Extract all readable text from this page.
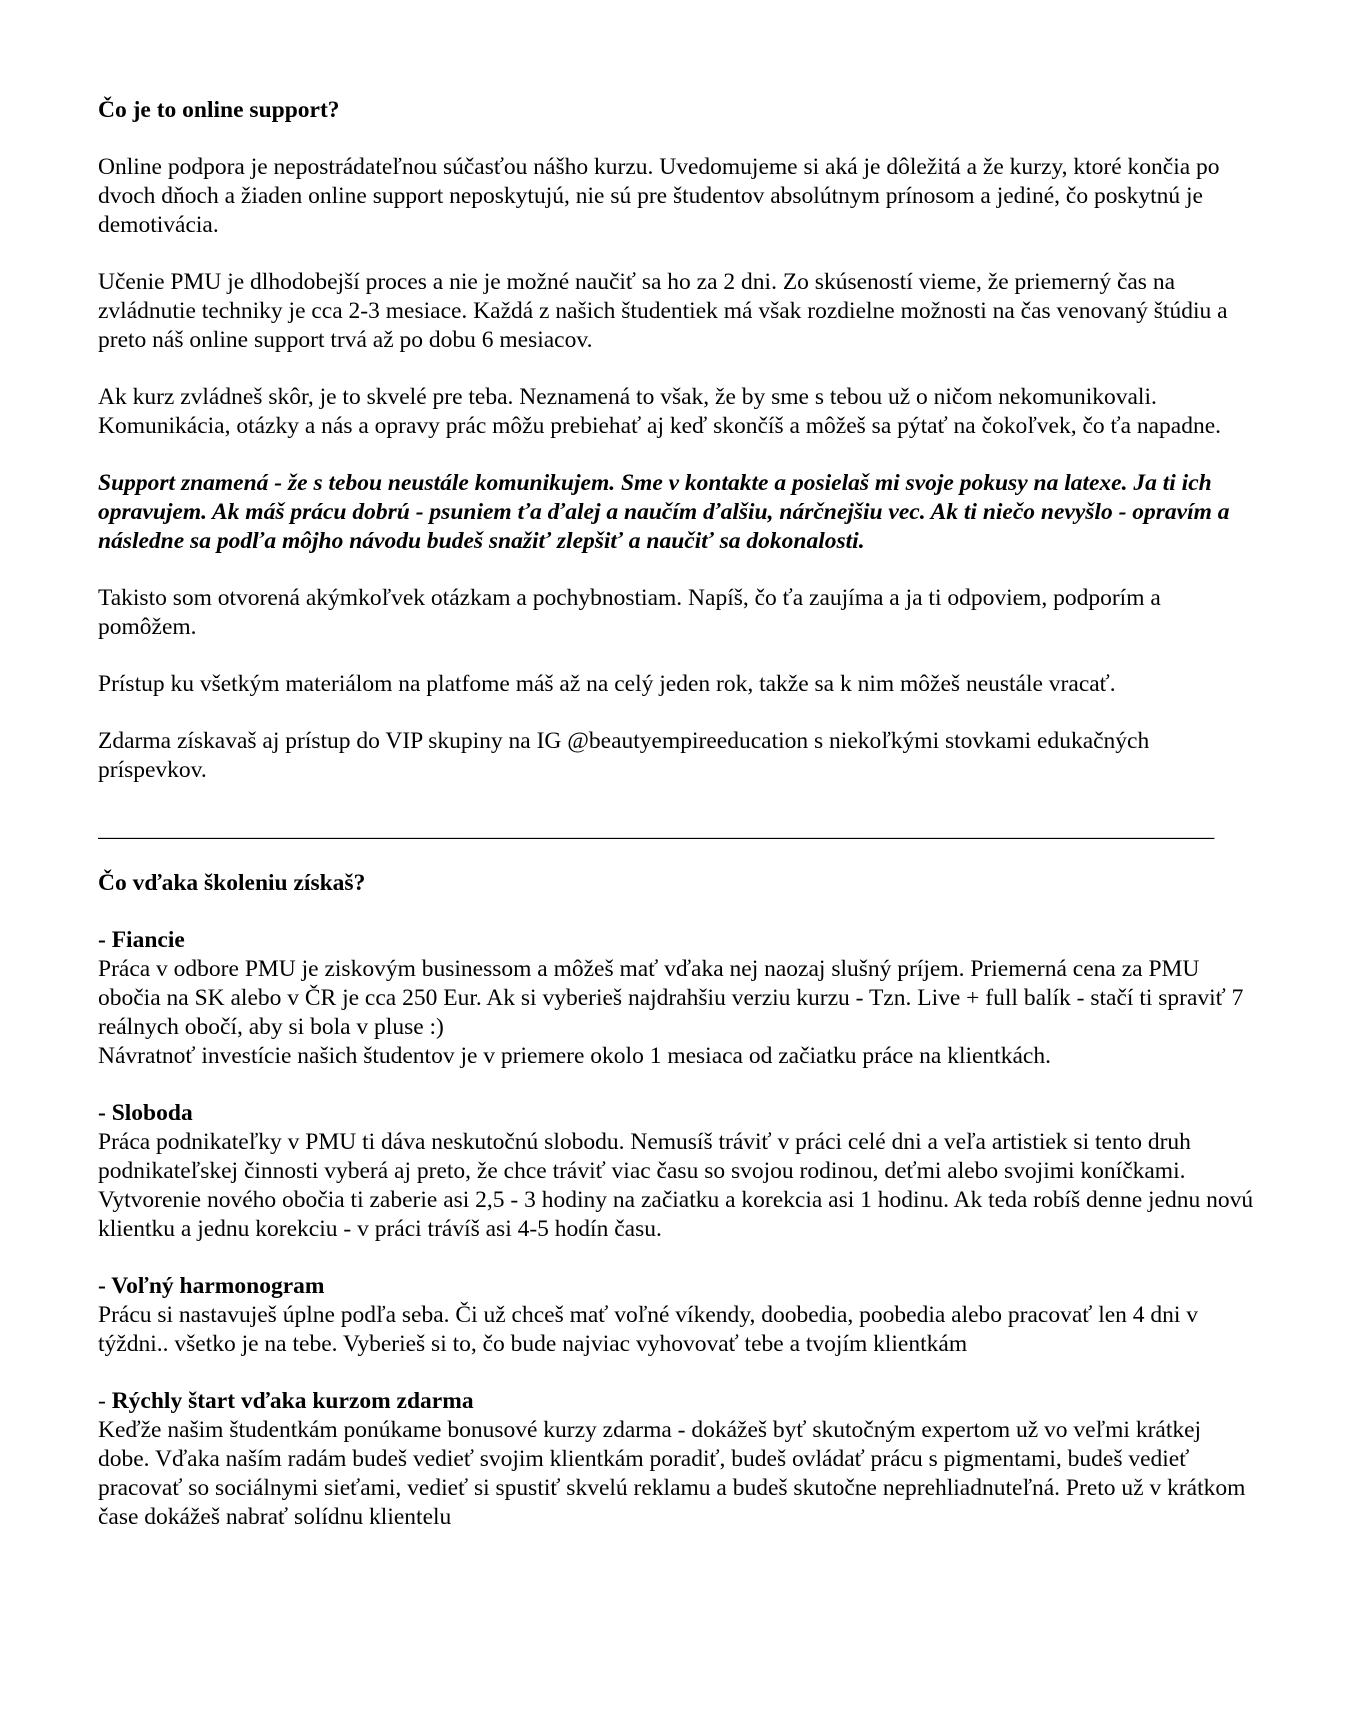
Čo je to online support?

Online podpora je nepostrádateľnou súčasťou nášho kurzu. Uvedomujeme si aká je dôležitá a že kurzy, ktoré končia po dvoch dňoch a žiaden online support neposkytujú, nie sú pre študentov absolútnym prínosom a jediné, čo poskytnú je demotivácia.

Učenie PMU je dlhodobejší proces a nie je možné naučiť sa ho za 2 dni. Zo skúseností vieme, že priemerný čas na zvládnutie techniky je cca 2-3 mesiace. Každá z našich študentiek má však rozdielne možnosti na čas venovaný štúdiu a preto náš online support trvá až po dobu 6 mesiacov.

Ak kurz zvládneš skôr, je to skvelé pre teba. Neznamená to však, že by sme s tebou už o ničom nekomunikovali. Komunikácia, otázky a nás a opravy prác môžu prebiehať aj keď skončíš a môžeš sa pýtať na čokoľvek, čo ťa napadne.

Support znamená - že s tebou neustále komunikujem. Sme v kontakte a posielaš mi svoje pokusy na latexe. Ja ti ich opravujem. Ak máš prácu dobrú - psuniem ťa ďalej a naučím ďalšiu, nárčnejšiu vec. Ak ti niečo nevyšlo - opravím a následne sa podľa môjho návodu budeš snažiť zlepšiť a naučiť sa dokonalosti.

Takisto som otvorená akýmkoľvek otázkam a pochybnostiam. Napíš, čo ťa zaujíma a ja ti odpoviem, podporím a pomôžem.

Prístup ku všetkým materiálom na platfome máš až na celý jeden rok, takže sa k nim môžeš neustále vracať.

Zdarma získavaš aj prístup do VIP skupiny na IG @beautyempireeducation s niekoľkými stovkami edukačných príspevkov.

_______________________________________________________________________________________________
Čo vďaka školeniu získaš?

- Fiancie

Práca v odbore PMU je ziskovým businessom a môžeš mať vďaka nej naozaj slušný príjem. Priemerná cena za PMU obočia na SK alebo v ČR je cca 250 Eur. Ak si vyberieš najdrahšiu verziu kurzu - Tzn. Live + full balík - stačí ti spraviť 7 reálnych obočí, aby si bola v pluse :)

Návratnoť investície našich študentov je v priemere okolo 1 mesiaca od začiatku práce na klientkách.

- Sloboda

Práca podnikateľky v PMU ti dáva neskutočnú slobodu. Nemusíš tráviť v práci celé dni a veľa artistiek si tento druh podnikateľskej činnosti vyberá aj preto, že chce tráviť viac času so svojou rodinou, deťmi alebo svojimi koníčkami. Vytvorenie nového obočia ti zaberie asi 2,5 - 3 hodiny na začiatku a korekcia asi 1 hodinu. Ak teda robíš denne jednu novú klientku a jednu korekciu - v práci trávíš asi 4-5 hodín času.

- Voľný harmonogram

Prácu si nastavuješ úplne podľa seba. Či už chceš mať voľné víkendy, doobedia, poobedia alebo pracovať len 4 dni v týždni.. všetko je na tebe. Vyberieš si to, čo bude najviac vyhovovať tebe a tvojím klientkám

- Rýchly štart vďaka kurzom zdarma

Keďže našim študentkám ponúkame bonusové kurzy zdarma - dokážeš byť skutočným expertom už vo veľmi krátkej dobe. Vďaka naším radám budeš vedieť svojim klientkám poradiť, budeš ovládať prácu s pigmentami, budeš vedieť pracovať so sociálnymi sieťami, vedieť si spustiť skvelú reklamu a budeš skutočne neprehliadnuteľná. Preto už v krátkom čase dokážeš nabrať solídnu klientelu
